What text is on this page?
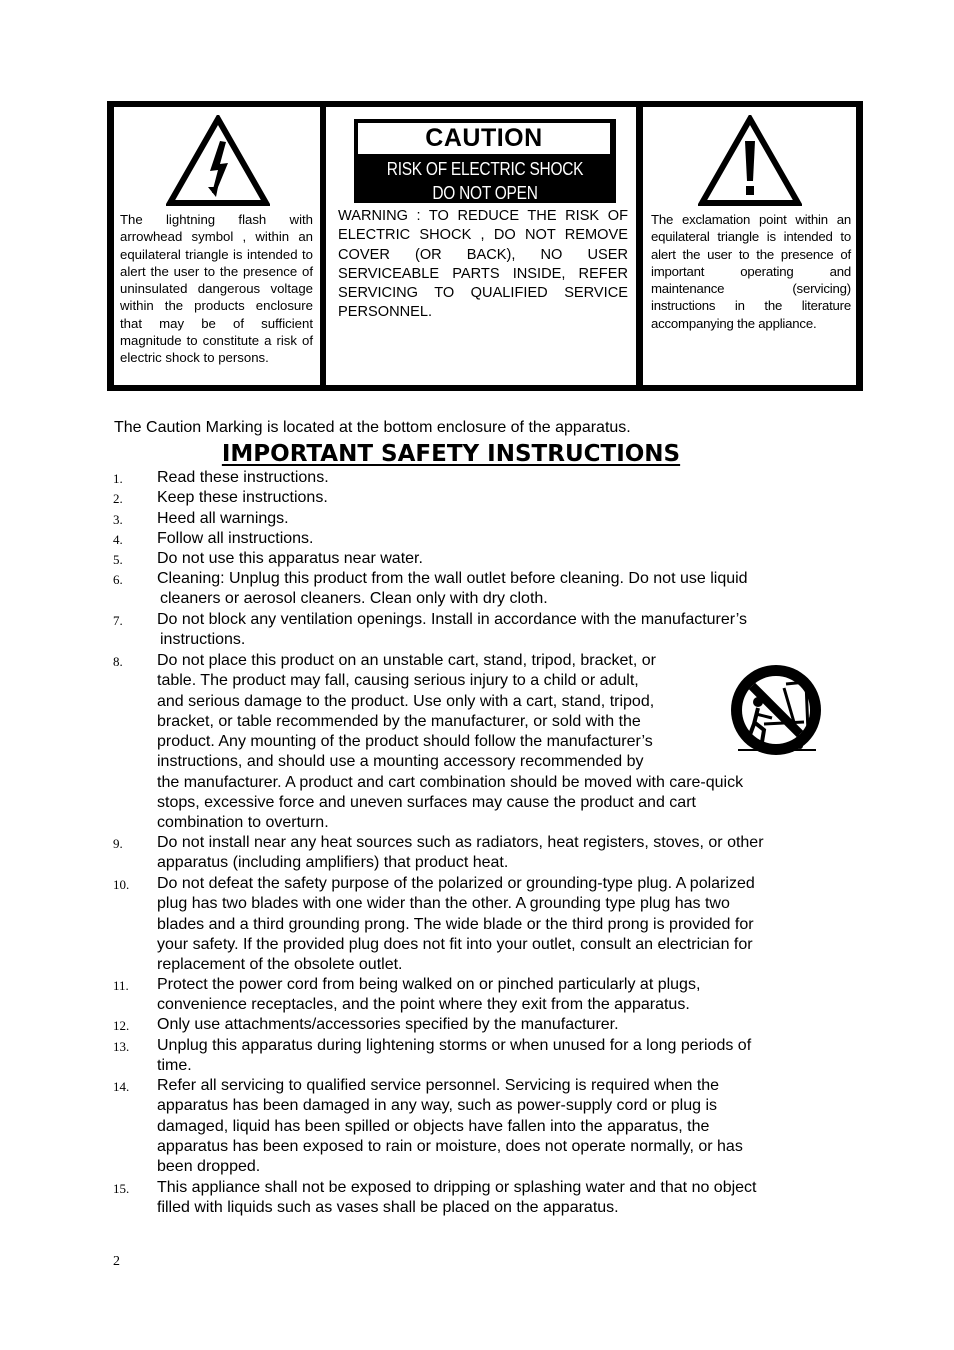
The lightning flash with arrowhead symbol , within an equilateral triangle is intended to alert the user to the presence of uninsulated dangerous voltage within the products enclosure that may be of sufficient magnitude to constitute a risk of electric shock to persons.
CAUTION
RISK OF ELECTRIC SHOCK
DO NOT OPEN
WARNING : TO REDUCE THE RISK OF ELECTRIC SHOCK , DO NOT REMOVE COVER (OR BACK), NO USER SERVICEABLE PARTS INSIDE, REFER SERVICING TO QUALIFIED SERVICE PERSONNEL.
The exclamation point within an equilateral triangle is intended to alert the user to the presence of important operating and maintenance (servicing) instructions in the literature accompanying the appliance.
The Caution Marking is located at the bottom enclosure of the apparatus.
IMPORTANT SAFETY INSTRUCTIONS
1. Read these instructions.
2. Keep these instructions.
3. Heed all warnings.
4. Follow all instructions.
5. Do not use this apparatus near water.
6. Cleaning: Unplug this product from the wall outlet before cleaning. Do not use liquid
cleaners or aerosol cleaners. Clean only with dry cloth.
7. Do not block any ventilation openings. Install in accordance with the manufacturer’s
instructions.
8. Do not place this product on an unstable cart, stand, tripod, bracket, or
table. The product may fall, causing serious injury to a child or adult,
and serious damage to the product. Use only with a cart, stand, tripod,
bracket, or table recommended by the manufacturer, or sold with the
product. Any mounting of the product should follow the manufacturer’s
instructions, and should use a mounting accessory recommended by
the manufacturer. A product and cart combination should be moved with care-quick
stops, excessive force and uneven surfaces may cause the product and cart
combination to overturn.
9. Do not install near any heat sources such as radiators, heat registers, stoves, or other
apparatus (including amplifiers) that product heat.
10. Do not defeat the safety purpose of the polarized or grounding-type plug. A polarized
plug has two blades with one wider than the other. A grounding type plug has two
blades and a third grounding prong. The wide blade or the third prong is provided for
your safety. If the provided plug does not fit into your outlet, consult an electrician for
replacement of the obsolete outlet.
11. Protect the power cord from being walked on or pinched particularly at plugs,
convenience receptacles, and the point where they exit from the apparatus.
12. Only use attachments/accessories specified by the manufacturer.
13. Unplug this apparatus during lightening storms or when unused for a long periods of
time.
14. Refer all servicing to qualified service personnel. Servicing is required when the
apparatus has been damaged in any way, such as power-supply cord or plug is
damaged, liquid has been spilled or objects have fallen into the apparatus, the
apparatus has been exposed to rain or moisture, does not operate normally, or has
been dropped.
15. This appliance shall not be exposed to dripping or splashing water and that no object
filled with liquids such as vases shall be placed on the apparatus.
2
